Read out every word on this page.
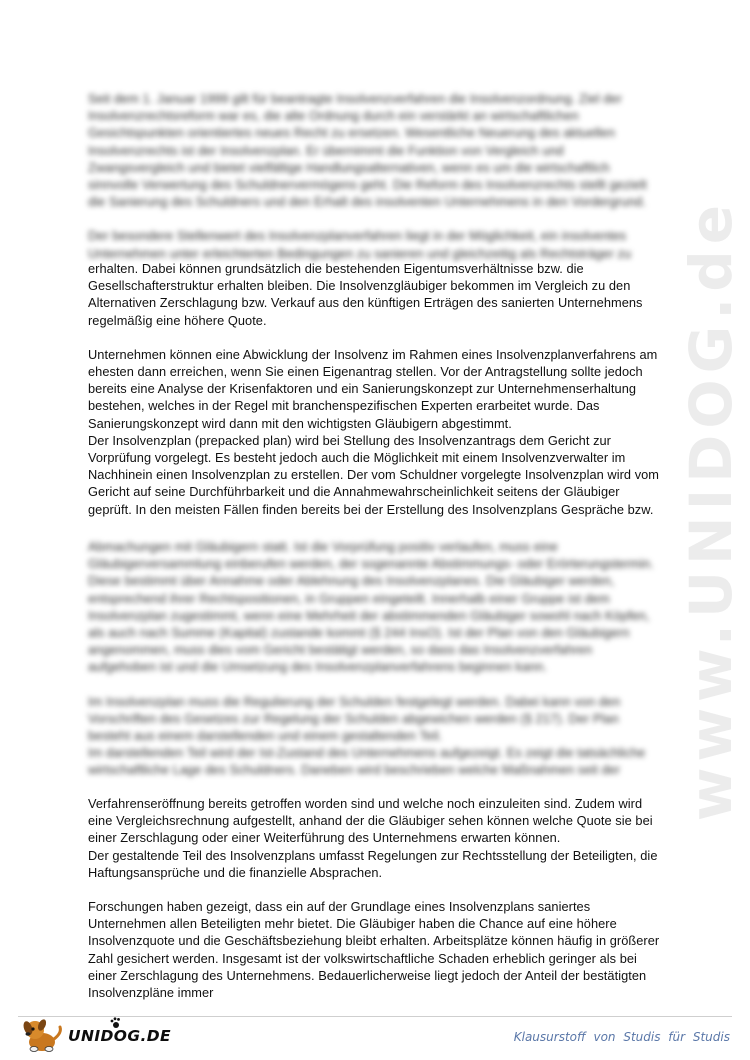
www.UNIDOG.de

Seit dem 1. Januar 1999 gilt für beantragte Insolvenzverfahren die Insolvenzordnung. Ziel der Insolvenzrechtsreform war es, die alte Ordnung durch ein verstärkt an wirtschaftlichen Gesichtspunkten orientiertes neues Recht zu ersetzen. Wesentliche Neuerung des aktuellen Insolvenzrechts ist der Insolvenzplan. Er übernimmt die Funktion von Vergleich und Zwangsvergleich und bietet vielfältige Handlungsalternativen, wenn es um die wirtschaftlich sinnvolle Verwertung des Schuldnervermögens geht. Die Reform des Insolvenzrechts stellt gezielt die Sanierung des Schuldners und den Erhalt des insolventen Unternehmens in den Vordergrund.

Der besondere Stellenwert des Insolvenzplanverfahren liegt in der Möglichkeit, ein insolventes Unternehmen unter erleichterten Bedingungen zu sanieren und gleichzeitig als Rechtsträger zu

erhalten. Dabei können grundsätzlich die bestehenden Eigentumsverhältnisse bzw. die Gesellschafterstruktur erhalten bleiben. Die Insolvenzgläubiger bekommen im Vergleich zu den Alternativen Zerschlagung bzw. Verkauf aus den künftigen Erträgen des sanierten Unternehmens regelmäßig eine höhere Quote.

Unternehmen können eine Abwicklung der Insolvenz im Rahmen eines Insolvenzplanverfahrens am ehesten dann erreichen, wenn Sie einen Eigenantrag stellen. Vor der Antragstellung sollte jedoch bereits eine Analyse der Krisenfaktoren und ein Sanierungskonzept zur Unternehmenserhaltung bestehen, welches in der Regel mit branchenspezifischen Experten erarbeitet wurde. Das Sanierungskonzept wird dann mit den wichtigsten Gläubigern abgestimmt.

Der Insolvenzplan (prepacked plan) wird bei Stellung des Insolvenzantrags dem Gericht zur Vorprüfung vorgelegt. Es besteht jedoch auch die Möglichkeit mit einem Insolvenzverwalter im Nachhinein einen Insolvenzplan zu erstellen. Der vom Schuldner vorgelegte Insolvenzplan wird vom Gericht auf seine Durchführbarkeit und die Annahmewahrscheinlichkeit seitens der Gläubiger geprüft. In den meisten Fällen finden bereits bei der Erstellung des Insolvenzplans Gespräche bzw.

Abmachungen mit Gläubigern statt. Ist die Vorprüfung positiv verlaufen, muss eine Gläubigerversammlung einberufen werden, der sogenannte Abstimmungs- oder Erörterungstermin. Diese bestimmt über Annahme oder Ablehnung des Insolvenzplanes. Die Gläubiger werden, entsprechend ihrer Rechtspositionen, in Gruppen eingeteilt. Innerhalb einer Gruppe ist dem Insolvenzplan zugestimmt, wenn eine Mehrheit der abstimmenden Gläubiger sowohl nach Köpfen, als auch nach Summe (Kapital) zustande kommt (§ 244 InsO). Ist der Plan von den Gläubigern angenommen, muss dies vom Gericht bestätigt werden, so dass das Insolvenzverfahren aufgehoben ist und die Umsetzung des Insolvenzplanverfahrens beginnen kann.

Im Insolvenzplan muss die Regulierung der Schulden festgelegt werden. Dabei kann von den Vorschriften des Gesetzes zur Regelung der Schulden abgewichen werden (§ 217). Der Plan besteht aus einem darstellenden und einem gestaltenden Teil.

Im darstellenden Teil wird der Ist-Zustand des Unternehmens aufgezeigt. Es zeigt die tatsächliche wirtschaftliche Lage des Schuldners. Daneben wird beschrieben welche Maßnahmen seit der

Verfahrenseröffnung bereits getroffen worden sind und welche noch einzuleiten sind. Zudem wird eine Vergleichsrechnung aufgestellt, anhand der die Gläubiger sehen können welche Quote sie bei einer Zerschlagung oder einer Weiterführung des Unternehmens erwarten können.

Der gestaltende Teil des Insolvenzplans umfasst Regelungen zur Rechtsstellung der Beteiligten, die Haftungsansprüche und die finanzielle Absprachen.

Forschungen haben gezeigt, dass ein auf der Grundlage eines Insolvenzplans saniertes Unternehmen allen Beteiligten mehr bietet. Die Gläubiger haben die Chance auf eine höhere Insolvenzquote und die Geschäftsbeziehung bleibt erhalten. Arbeitsplätze können häufig in größerer Zahl gesichert werden. Insgesamt ist der volkswirtschaftliche Schaden erheblich geringer als bei einer Zerschlagung des Unternehmens. Bedauerlicherweise liegt jedoch der Anteil der bestätigten Insolvenzpläne immer

UNIDOG.DE	Klausurstoff von Studis für Studis
